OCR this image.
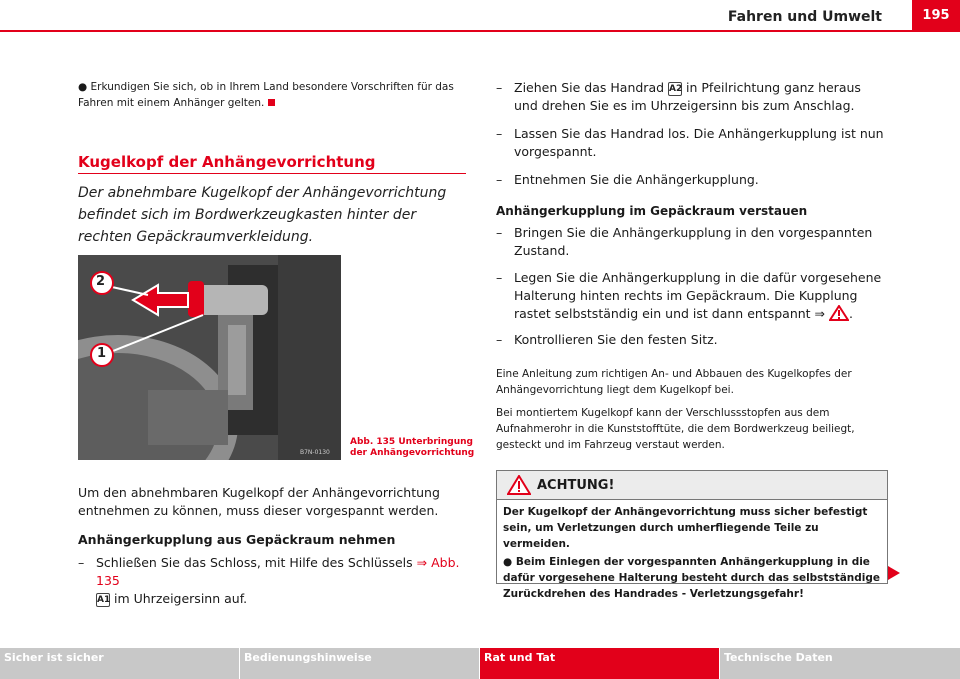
Fahren und Umwelt	195
● Erkundigen Sie sich, ob in Ihrem Land besondere Vorschriften für das Fahren mit einem Anhänger gelten.
Kugelkopf der Anhängevorrichtung
Der abnehmbare Kugelkopf der Anhängevorrichtung befindet sich im Bordwerkzeugkasten hinter der rechten Gepäckraumverkleidung.
2
1
B7N-0130
Abb. 135 Unterbringung
der Anhängevorrichtung
Um den abnehmbaren Kugelkopf der Anhängevorrichtung entnehmen zu können, muss dieser vorgespannt werden.
Anhängerkupplung aus Gepäckraum nehmen
– Schließen Sie das Schloss, mit Hilfe des Schlüssels ⇒ Abb. 135
A1 im Uhrzeigersinn auf.
– Ziehen Sie das Handrad A2 in Pfeilrichtung ganz heraus und drehen Sie es im Uhrzeigersinn bis zum Anschlag.
– Lassen Sie das Handrad los. Die Anhängerkupplung ist nun vorgespannt.
– Entnehmen Sie die Anhängerkupplung.
Anhängerkupplung im Gepäckraum verstauen
– Bringen Sie die Anhängerkupplung in den vorgespannten Zustand.
– Legen Sie die Anhängerkupplung in die dafür vorgesehene Halterung hinten rechts im Gepäckraum. Die Kupplung rastet selbstständig ein und ist dann entspannt ⇒ .
– Kontrollieren Sie den festen Sitz.
Eine Anleitung zum richtigen An- und Abbauen des Kugelkopfes der Anhängevorrichtung liegt dem Kugelkopf bei.
Bei montiertem Kugelkopf kann der Verschlussstopfen aus dem Aufnahmerohr in die Kunststofftüte, die dem Bordwerkzeug beiliegt, gesteckt und im Fahrzeug verstaut werden.
ACHTUNG!
Der Kugelkopf der Anhängevorrichtung muss sicher befestigt sein, um Verletzungen durch umherfliegende Teile zu vermeiden.
● Beim Einlegen der vorgespannten Anhängerkupplung in die dafür vorgesehene Halterung besteht durch das selbstständige Zurückdrehen des Handrades - Verletzungsgefahr!
Sicher ist sicher	Bedienungshinweise	Rat und Tat	Technische Daten
